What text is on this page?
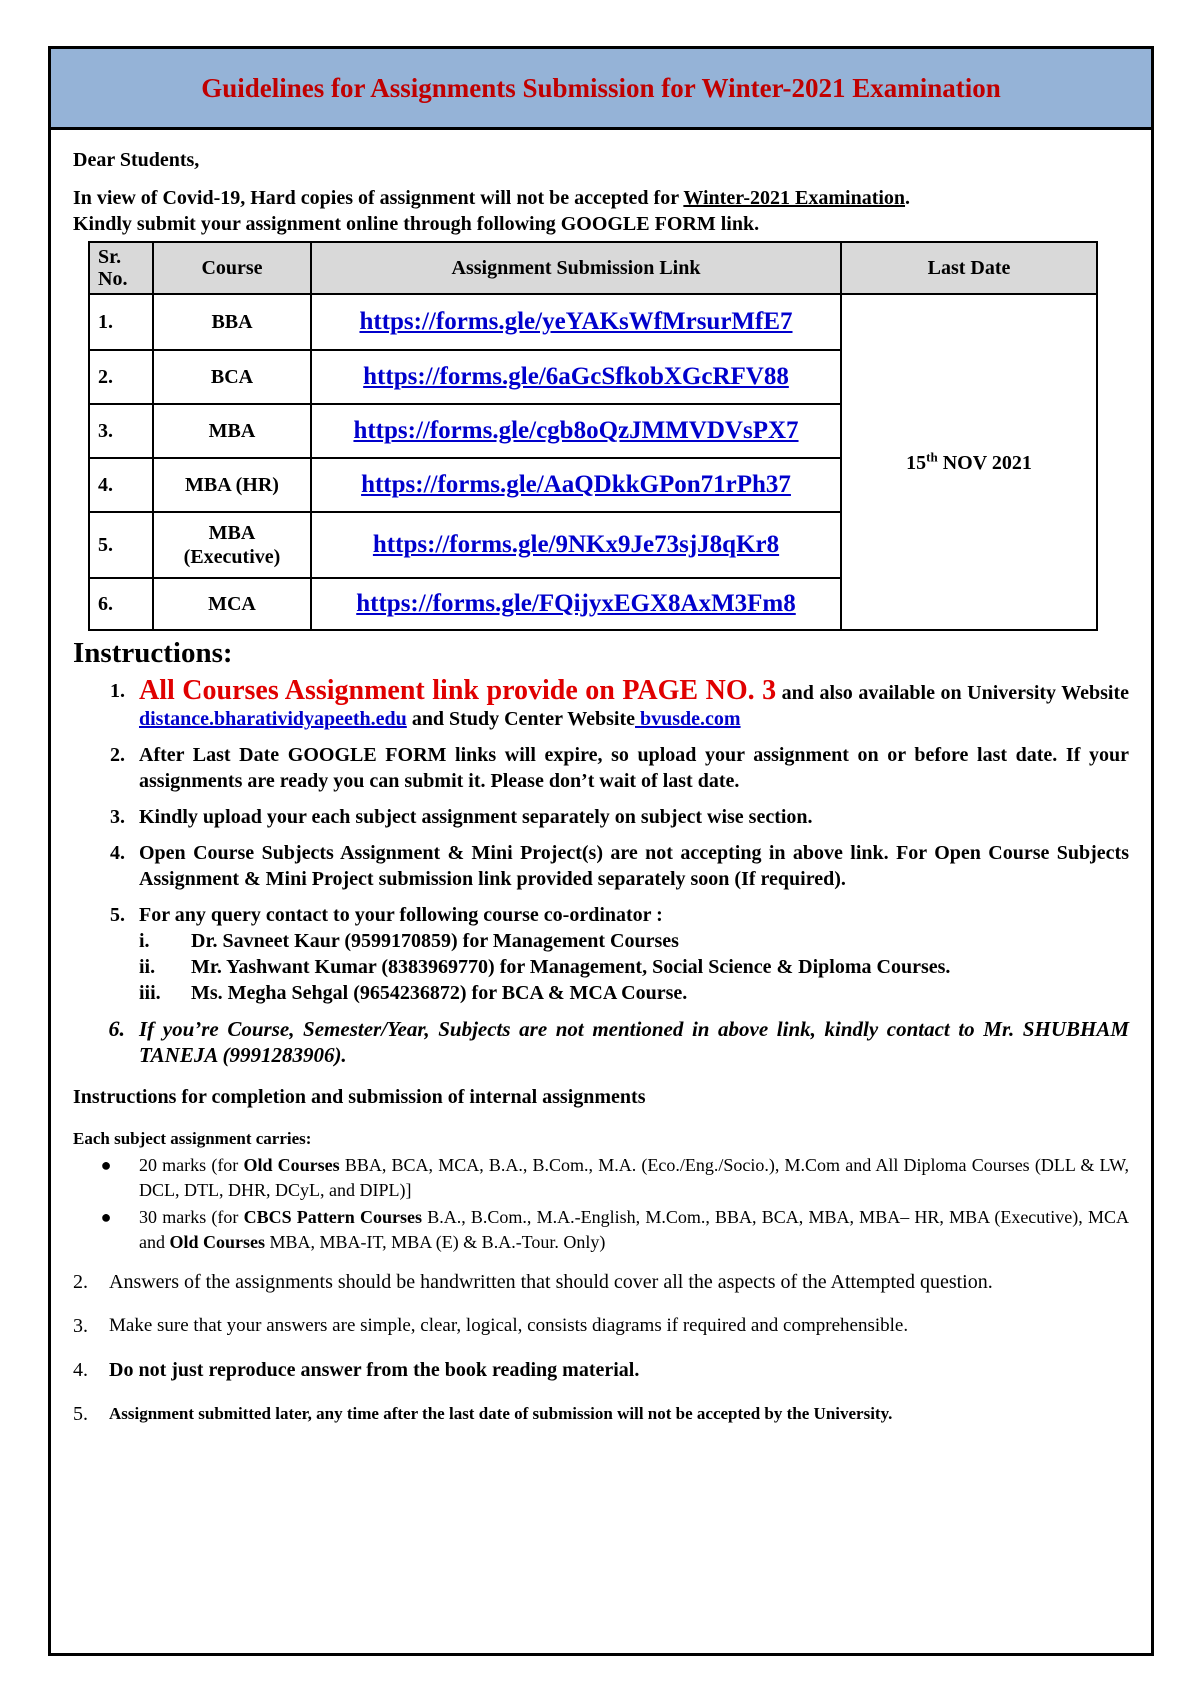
Guidelines for Assignments Submission for Winter-2021 Examination
Dear Students,
In view of Covid-19, Hard copies of assignment will not be accepted for Winter-2021 Examination.
Kindly submit your assignment online through following GOOGLE FORM link.
Sr. No.	Course	Assignment Submission Link	Last Date
1.	BBA	https://forms.gle/yeYAKsWfMrsurMfE7	15th NOV 2021
2.	BCA	https://forms.gle/6aGcSfkobXGcRFV88	
3.	MBA	https://forms.gle/cgb8oQzJMMVDVsPX7	
4.	MBA (HR)	https://forms.gle/AaQDkkGPon71rPh37	
5.	MBA (Executive)	https://forms.gle/9NKx9Je73sjJ8qKr8	
6.	MCA	https://forms.gle/FQijyxEGX8AxM3Fm8	
Instructions:
1. All Courses Assignment link provide on PAGE NO. 3 and also available on University Website distance.bharatividyapeeth.edu and Study Center Website bvusde.com
2. After Last Date GOOGLE FORM links will expire, so upload your assignment on or before last date. If your assignments are ready you can submit it. Please don’t wait of last date.
3. Kindly upload your each subject assignment separately on subject wise section.
4. Open Course Subjects Assignment & Mini Project(s) are not accepting in above link. For Open Course Subjects Assignment & Mini Project submission link provided separately soon (If required).
5. For any query contact to your following course co-ordinator :
i.	Dr. Savneet Kaur (9599170859) for Management Courses
ii.	Mr. Yashwant Kumar (8383969770) for Management, Social Science & Diploma Courses.
iii.	Ms. Megha Sehgal (9654236872) for BCA & MCA Course.
6. If you’re Course, Semester/Year, Subjects are not mentioned in above link, kindly contact to Mr. SHUBHAM TANEJA (9991283906).
Instructions for completion and submission of internal assignments
Each subject assignment carries:
●	20 marks (for Old Courses BBA, BCA, MCA, B.A., B.Com., M.A. (Eco./Eng./Socio.), M.Com and All Diploma Courses (DLL & LW, DCL, DTL, DHR, DCyL, and DIPL)]
●	30 marks (for CBCS Pattern Courses B.A., B.Com., M.A.-English, M.Com., BBA, BCA, MBA, MBA– HR, MBA (Executive), MCA and Old Courses MBA, MBA-IT, MBA (E) & B.A.-Tour. Only)
2.	Answers of the assignments should be handwritten that should cover all the aspects of the Attempted question.
3.	Make sure that your answers are simple, clear, logical, consists diagrams if required and comprehensible.
4.	Do not just reproduce answer from the book reading material.
5.	Assignment submitted later, any time after the last date of submission will not be accepted by the University.
